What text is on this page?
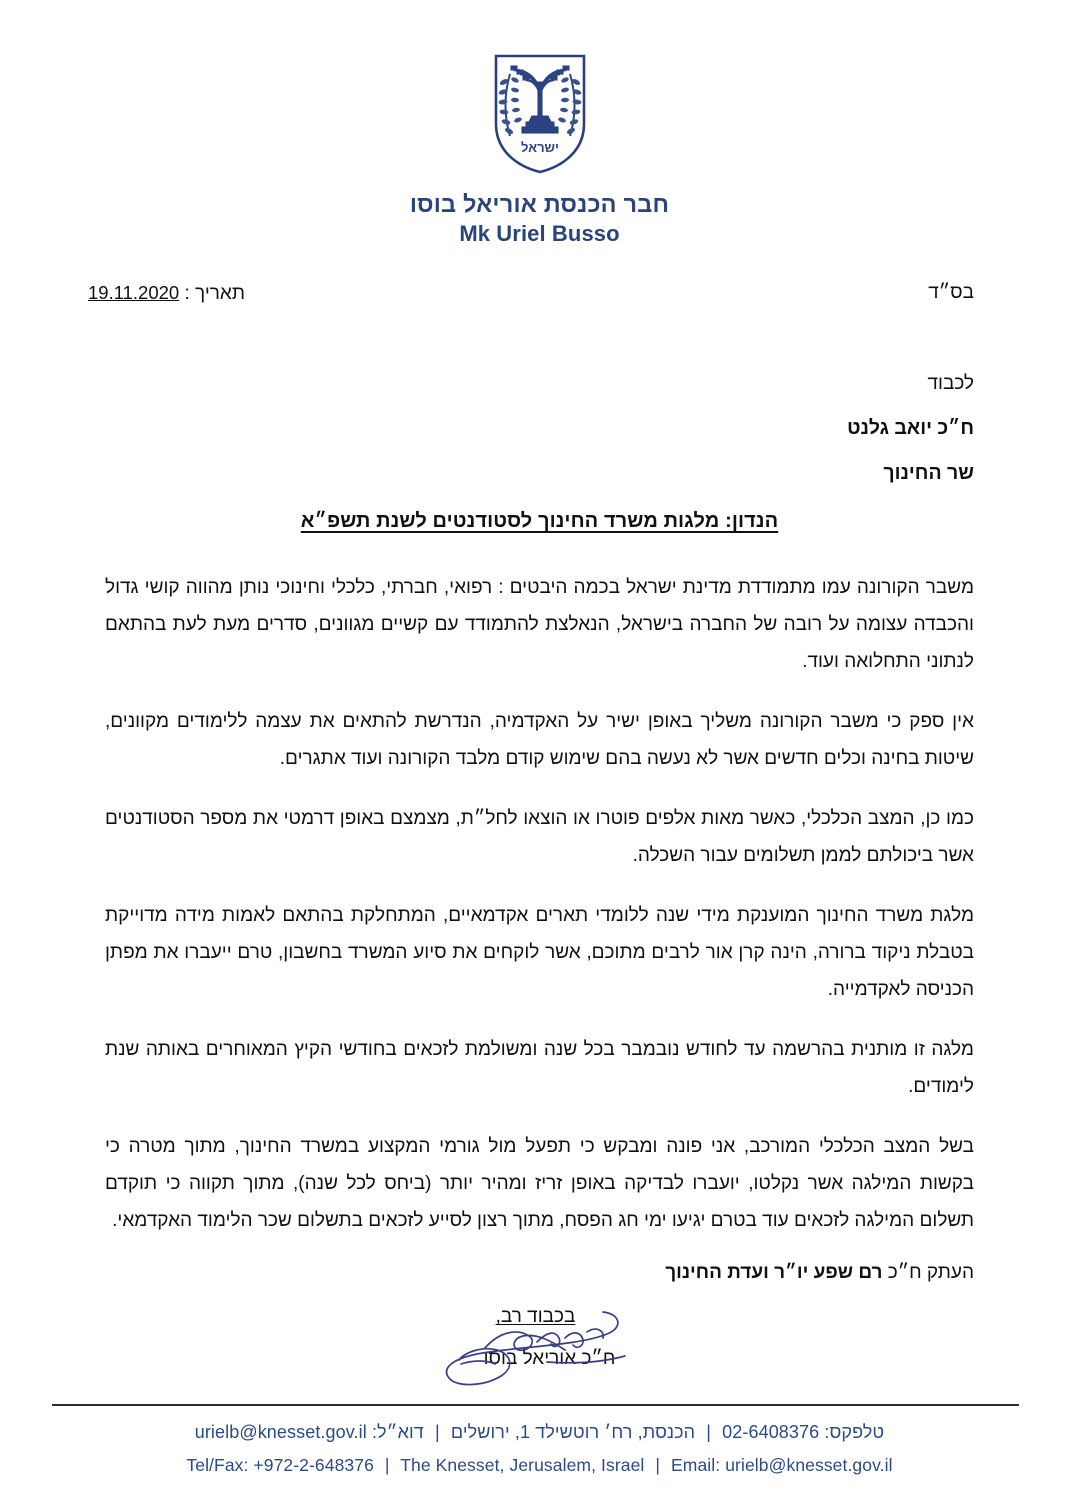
ישראל
חבר הכנסת אוריאל בוסו
Mk Uriel Busso
בס״ד
תאריך : 19.11.2020
לכבוד
ח״כ יואב גלנט
שר החינוך
הנדון: מלגות משרד החינוך לסטודנטים לשנת תשפ״א

משבר הקורונה עמו מתמודדת מדינת ישראל בכמה היבטים : רפואי, חברתי, כלכלי וחינוכי נותן מהווה קושי גדול והכבדה עצומה על רובה של החברה בישראל, הנאלצת להתמודד עם קשיים מגוונים, סדרים מעת לעת בהתאם לנתוני התחלואה ועוד.

אין ספק כי משבר הקורונה משליך באופן ישיר על האקדמיה, הנדרשת להתאים את עצמה ללימודים מקוונים, שיטות בחינה וכלים חדשים אשר לא נעשה בהם שימוש קודם מלבד הקורונה ועוד אתגרים.

כמו כן, המצב הכלכלי, כאשר מאות אלפים פוטרו או הוצאו לחל״ת, מצמצם באופן דרמטי את מספר הסטודנטים אשר ביכולתם לממן תשלומים עבור השכלה.

מלגת משרד החינוך המוענקת מידי שנה ללומדי תארים אקדמאיים, המתחלקת בהתאם לאמות מידה מדוייקת בטבלת ניקוד ברורה, הינה קרן אור לרבים מתוכם, אשר לוקחים את סיוע המשרד בחשבון, טרם ייעברו את מפתן הכניסה לאקדמייה.

מלגה זו מותנית בהרשמה עד לחודש נובמבר בכל שנה ומשולמת לזכאים בחודשי הקיץ המאוחרים באותה שנת לימודים.

בשל המצב הכלכלי המורכב, אני פונה ומבקש כי תפעל מול גורמי המקצוע במשרד החינוך, מתוך מטרה כי בקשות המילגה אשר נקלטו, יועברו לבדיקה באופן זריז ומהיר יותר (ביחס לכל שנה), מתוך תקווה כי תוקדם תשלום המילגה לזכאים עוד בטרם יגיעו ימי חג הפסח, מתוך רצון לסייע לזכאים בתשלום שכר הלימוד האקדמאי.

העתק ח״כ רם שפע יו״ר ועדת החינוך
בכבוד רב,
ח״כ אוריאל בוסו
טלפקס: 02-6408376 | הכנסת, רח׳ רוטשילד 1, ירושלים | דוא״ל: urielb@knesset.gov.il
Tel/Fax: +972-2-648376 | The Knesset, Jerusalem, Israel | Email: urielb@knesset.gov.il
